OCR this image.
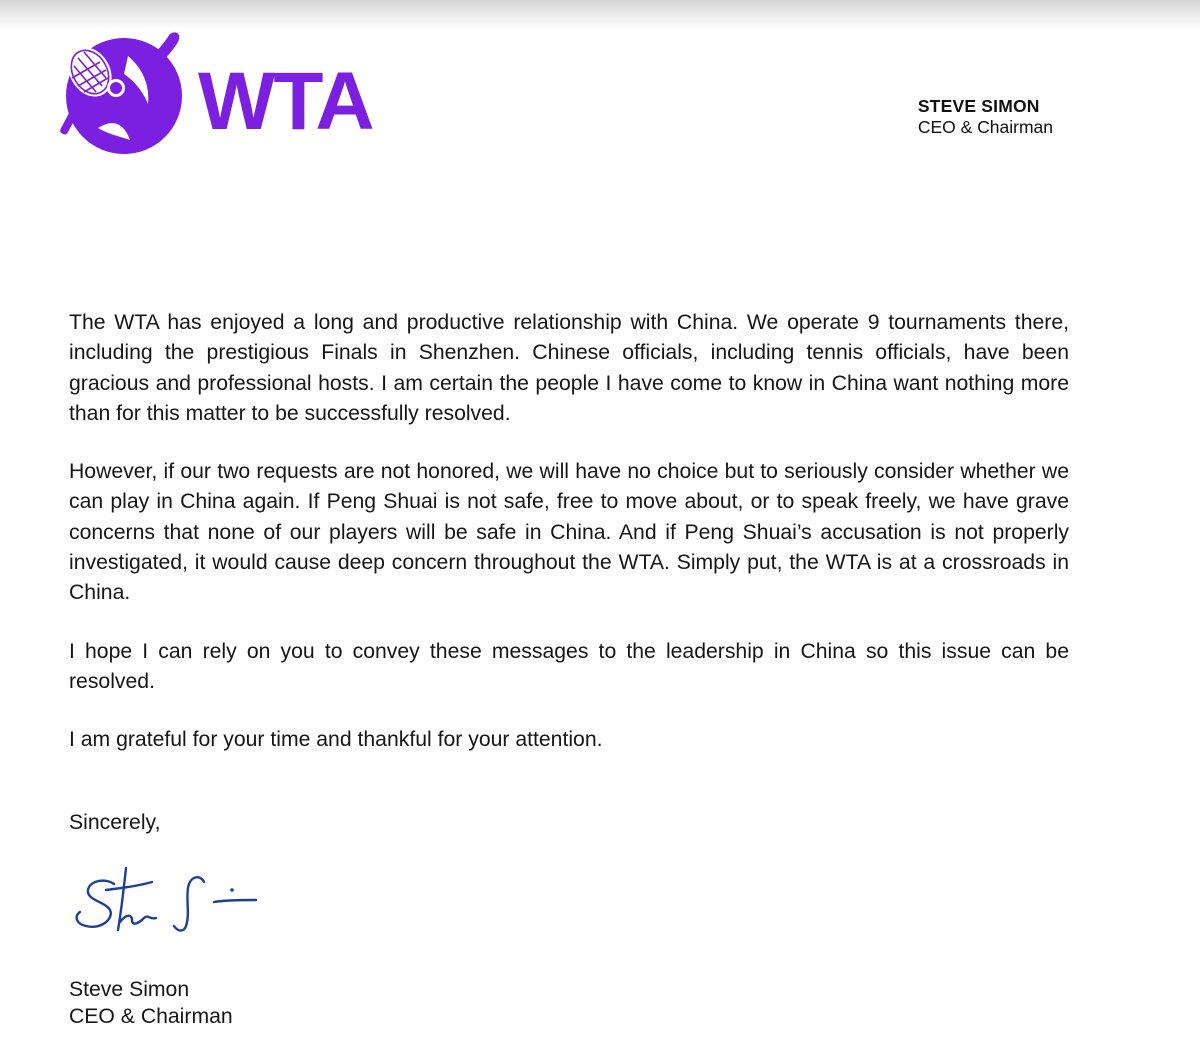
WTA	STEVE SIMON
CEO & Chairman

The WTA has enjoyed a long and productive relationship with China. We operate 9 tournaments there, including the prestigious Finals in Shenzhen. Chinese officials, including tennis officials, have been gracious and professional hosts. I am certain the people I have come to know in China want nothing more than for this matter to be successfully resolved.

However, if our two requests are not honored, we will have no choice but to seriously consider whether we can play in China again. If Peng Shuai is not safe, free to move about, or to speak freely, we have grave concerns that none of our players will be safe in China. And if Peng Shuai’s accusation is not properly investigated, it would cause deep concern throughout the WTA. Simply put, the WTA is at a crossroads in China.

I hope I can rely on you to convey these messages to the leadership in China so this issue can be resolved.

I am grateful for your time and thankful for your attention.

Sincerely,
Steve Simon
CEO & Chairman
